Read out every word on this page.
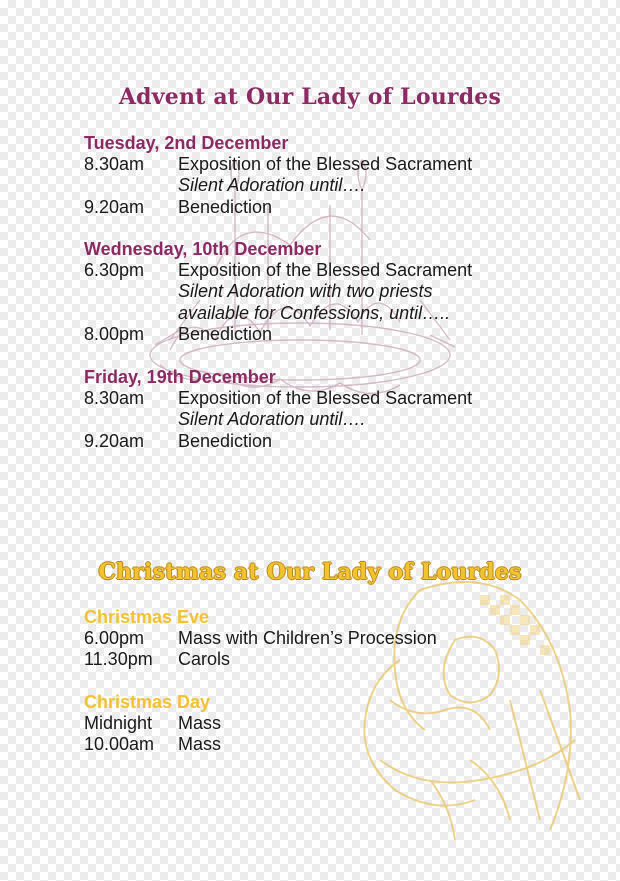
Advent at Our Lady of Lourdes

Tuesday, 2nd December

8.30am	Exposition of the Blessed Sacrament
Silent Adoration until….
9.20am	Benediction

Wednesday, 10th December

6.30pm	Exposition of the Blessed Sacrament
Silent Adoration with two priests
available for Confessions, until…..
8.00pm	Benediction

Friday, 19th December

8.30am	Exposition of the Blessed Sacrament
Silent Adoration until….
9.20am	Benediction
Christmas at Our Lady of Lourdes

Christmas Eve

6.00pm	Mass with Children’s Procession
11.30pm	Carols

Christmas Day

Midnight	Mass
10.00am	Mass
